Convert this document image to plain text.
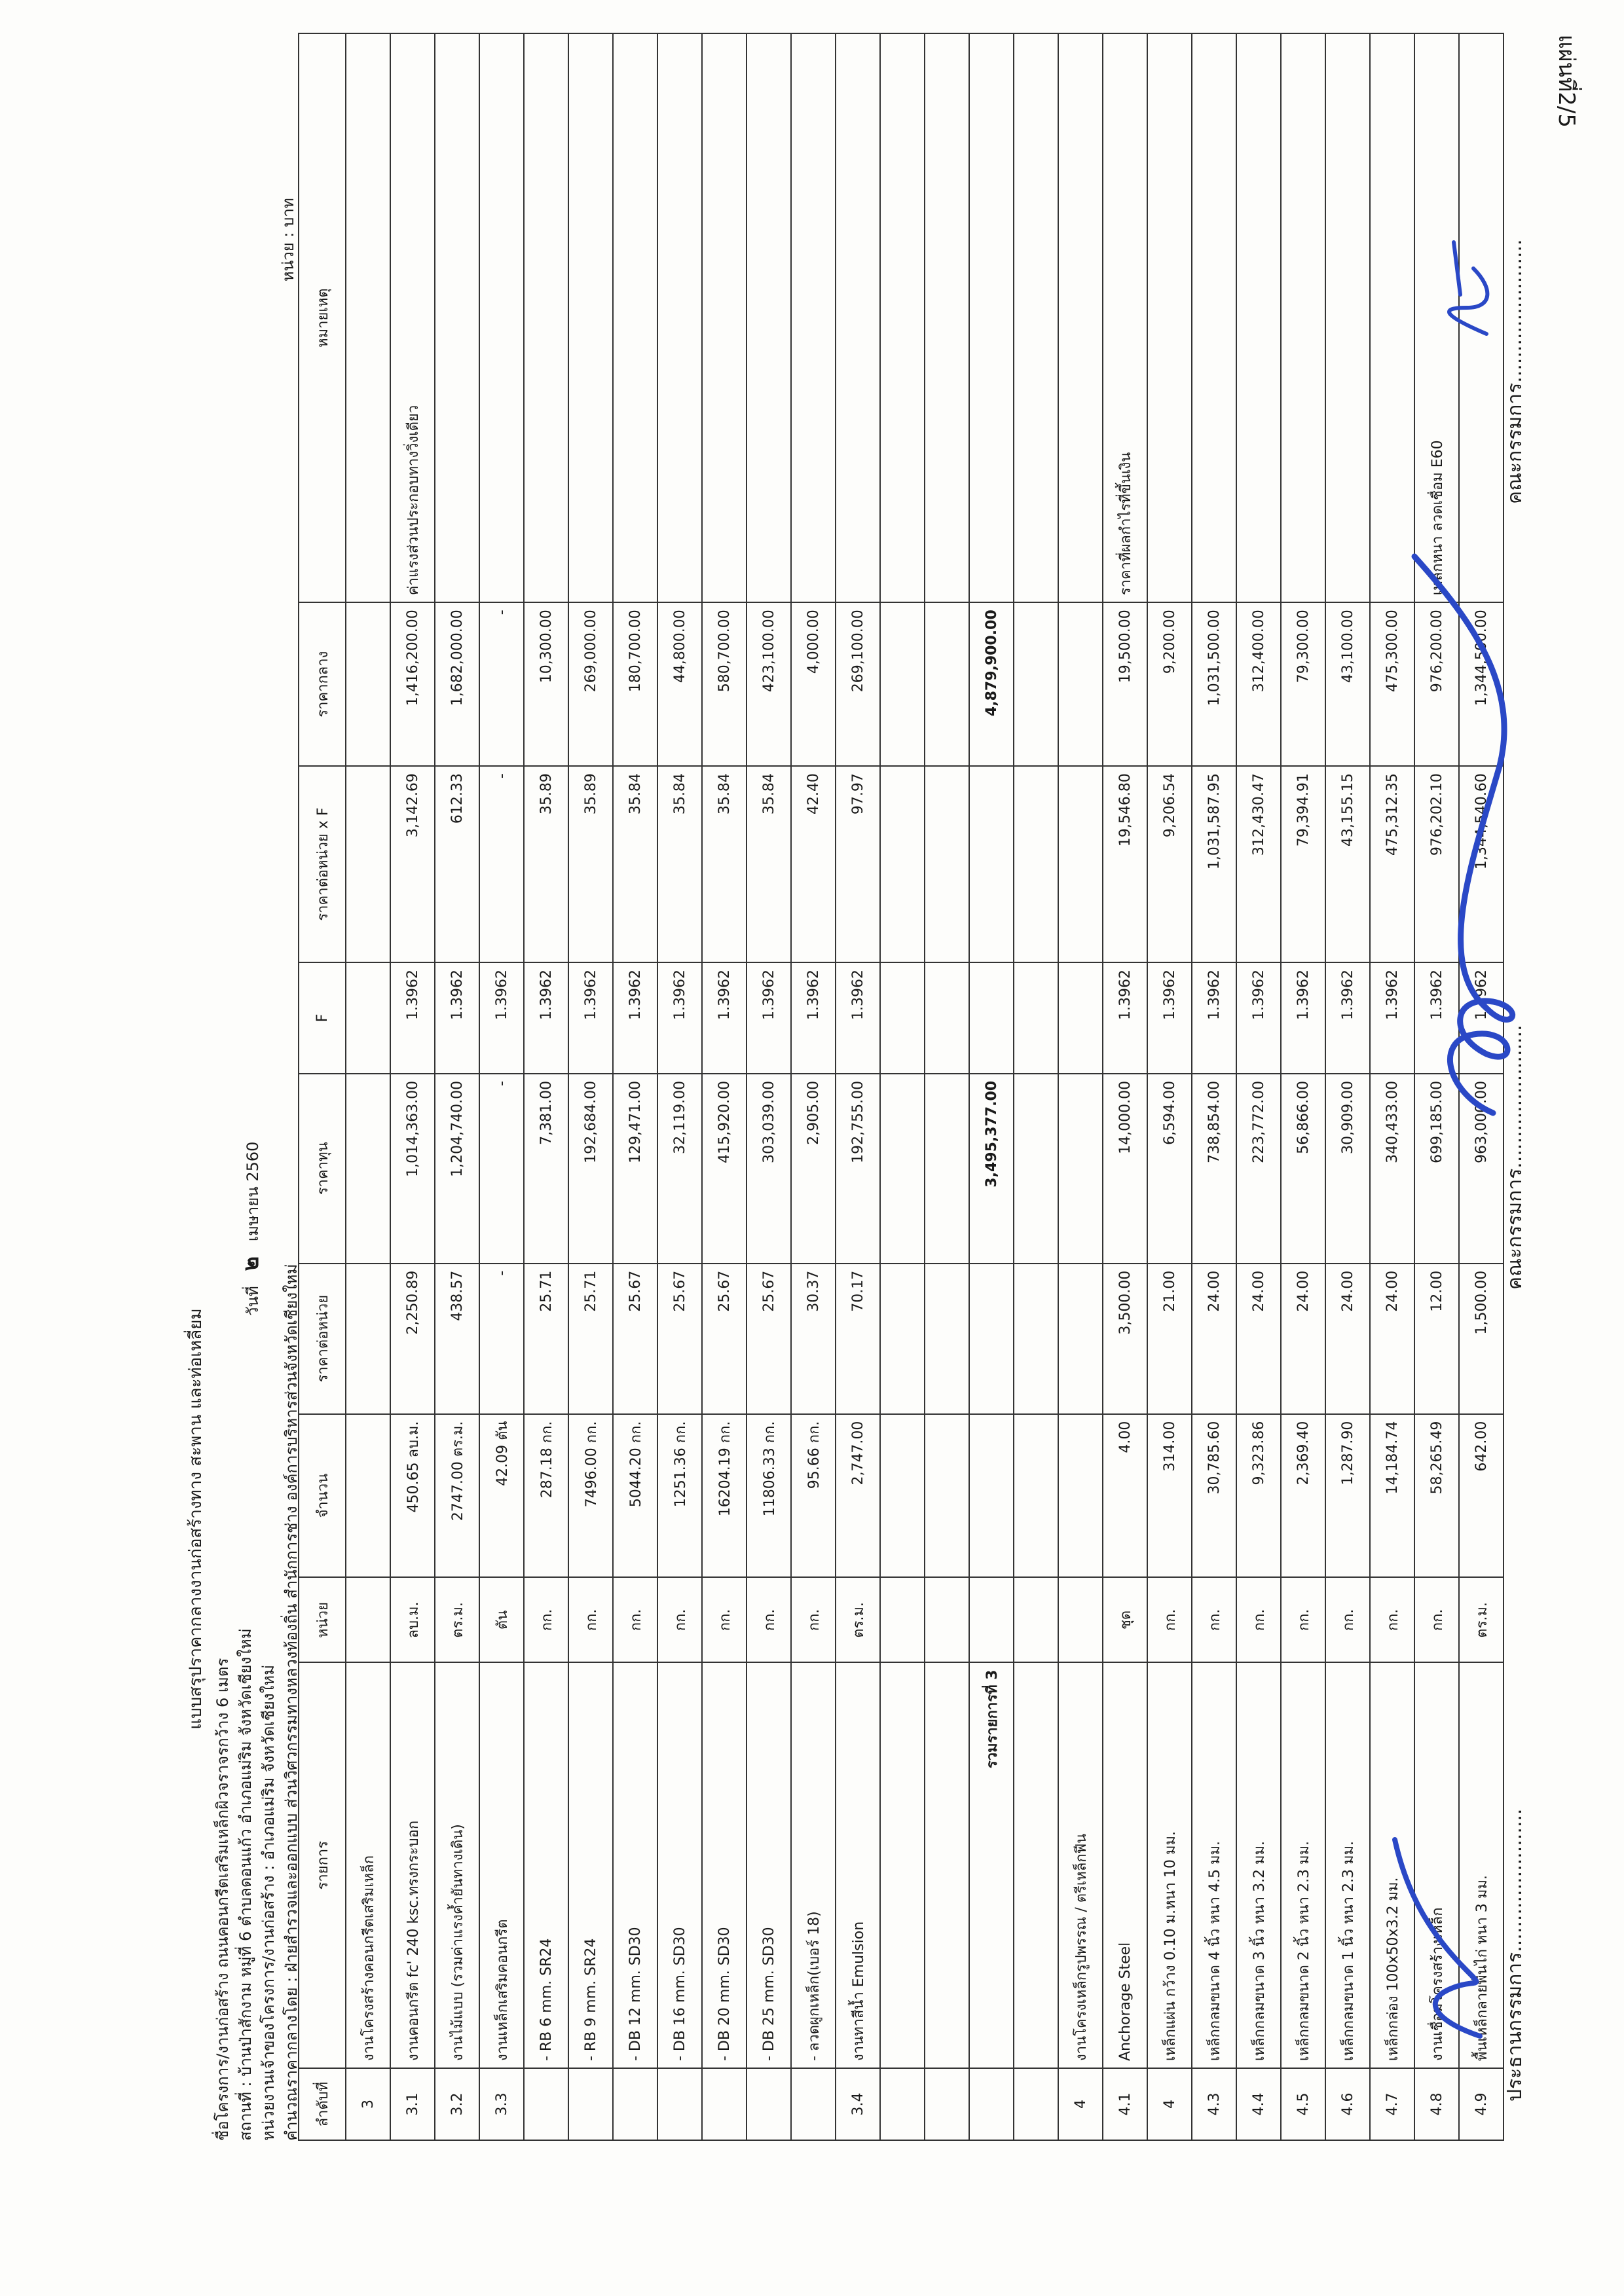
แผ่นที่2/5
แบบสรุปราคากลางงานก่อสร้างทาง สะพาน และท่อเหลี่ยม
ชื่อโครงการ/งานก่อสร้าง ถนนคอนกรีตเสริมเหล็กผิวจราจรกว้าง 6 เมตร สถานที่ : บ้านป่าสักงาม หมู่ที่ 6 ตำบลดอนแก้ว อำเภอแม่ริม จังหวัดเชียงใหม่
วันที่   ๒   เมษายน 2560
หน่วยงานเจ้าของโครงการ/งานก่อสร้าง : อำเภอแม่ริม จังหวัดเชียงใหม่ คำนวณราคากลางโดย : ฝ่ายสำรวจและออกแบบ ส่วนวิศวกรรมทางหลวงท้องถิ่น สำนักการช่าง องค์การบริหารส่วนจังหวัดเชียงใหม่
หน่วย : บาท
ลำดับที่	รายการ	หน่วย	จำนวน	ราคาต่อหน่วย	ราคาทุน	F	ราคาต่อหน่วย x F	ราคากลาง	หมายเหตุ
3	งานโครงสร้างคอนกรีตเสริมเหล็ก								
3.1	งานคอนกรีต fc' 240 ksc.ทรงกระบอก	ลบ.ม.	450.65 ลบ.ม.	2,250.89	1,014,363.00	1.3962	3,142.69	1,416,200.00	ค่าแรงส่วนประกอบทางวิ่งเดียว
3.2	งานไม้แบบ (รวมค่าแรงค้ำยันทางเดิน)	ตร.ม.	2747.00 ตร.ม.	438.57	1,204,740.00	1.3962	612.33	1,682,000.00	
3.3	งานเหล็กเสริมคอนกรีต	ตัน	42.09 ตัน	-	-	1.3962	-	-	
	- RB 6 mm. SR24	กก.	287.18 กก.	25.71	7,381.00	1.3962	35.89	10,300.00	
	- RB 9 mm. SR24	กก.	7496.00 กก.	25.71	192,684.00	1.3962	35.89	269,000.00	
	- DB 12 mm. SD30	กก.	5044.20 กก.	25.67	129,471.00	1.3962	35.84	180,700.00	
	- DB 16 mm. SD30	กก.	1251.36 กก.	25.67	32,119.00	1.3962	35.84	44,800.00	
	- DB 20 mm. SD30	กก.	16204.19 กก.	25.67	415,920.00	1.3962	35.84	580,700.00	
	- DB 25 mm. SD30	กก.	11806.33 กก.	25.67	303,039.00	1.3962	35.84	423,100.00	
	- ลวดผูกเหล็ก(เบอร์ 18)	กก.	95.66 กก.	30.37	2,905.00	1.3962	42.40	4,000.00	
3.4	งานทาสีน้ำ Emulsion	ตร.ม.	2,747.00	70.17	192,755.00	1.3962	97.97	269,100.00	

	รวมรายการที่ 3				3,495,377.00			4,879,900.00	

4	งานโครงเหล็กรูปพรรณ / ตรีเหล็กฟีน								
4.1	Anchorage Steel	ชุด	4.00	3,500.00	14,000.00	1.3962	19,546.80	19,500.00	ราคาที่ผลกำไรที่ขึ้นเงิน
4	เหล็กแผ่น กว้าง 0.10 ม.หนา 10 มม.	กก.	314.00	21.00	6,594.00	1.3962	9,206.54	9,200.00	
4.3	เหล็กกลมขนาด 4 นิ้ว หนา 4.5 มม.	กก.	30,785.60	24.00	738,854.00	1.3962	1,031,587.95	1,031,500.00	
4.4	เหล็กกลมขนาด 3 นิ้ว หนา 3.2 มม.	กก.	9,323.86	24.00	223,772.00	1.3962	312,430.47	312,400.00	
4.5	เหล็กกลมขนาด 2 นิ้ว หนา 2.3 มม.	กก.	2,369.40	24.00	56,866.00	1.3962	79,394.91	79,300.00	
4.6	เหล็กกลมขนาด 1 นิ้ว หนา 2.3 มม.	กก.	1,287.90	24.00	30,909.00	1.3962	43,155.15	43,100.00	
4.7	เหล็กกล่อง 100x50x3.2 มม.	กก.	14,184.74	24.00	340,433.00	1.3962	475,312.35	475,300.00	
4.8	งานเชื่อมโครงสร้างเหล็ก	กก.	58,265.49	12.00	699,185.00	1.3962	976,202.10	976,200.00	เหล็กหนา ลวดเชื่อม E60
4.9	พื้นเหล็กลายพื้นไก่ หนา 3 มม.	ตร.ม.	642.00	1,500.00	963,000.00	1.3962	1,344,540.60	1,344,500.00	
ประธานกรรมการ.......................
คณะกรรมการ.......................
คณะกรรมการ.......................
